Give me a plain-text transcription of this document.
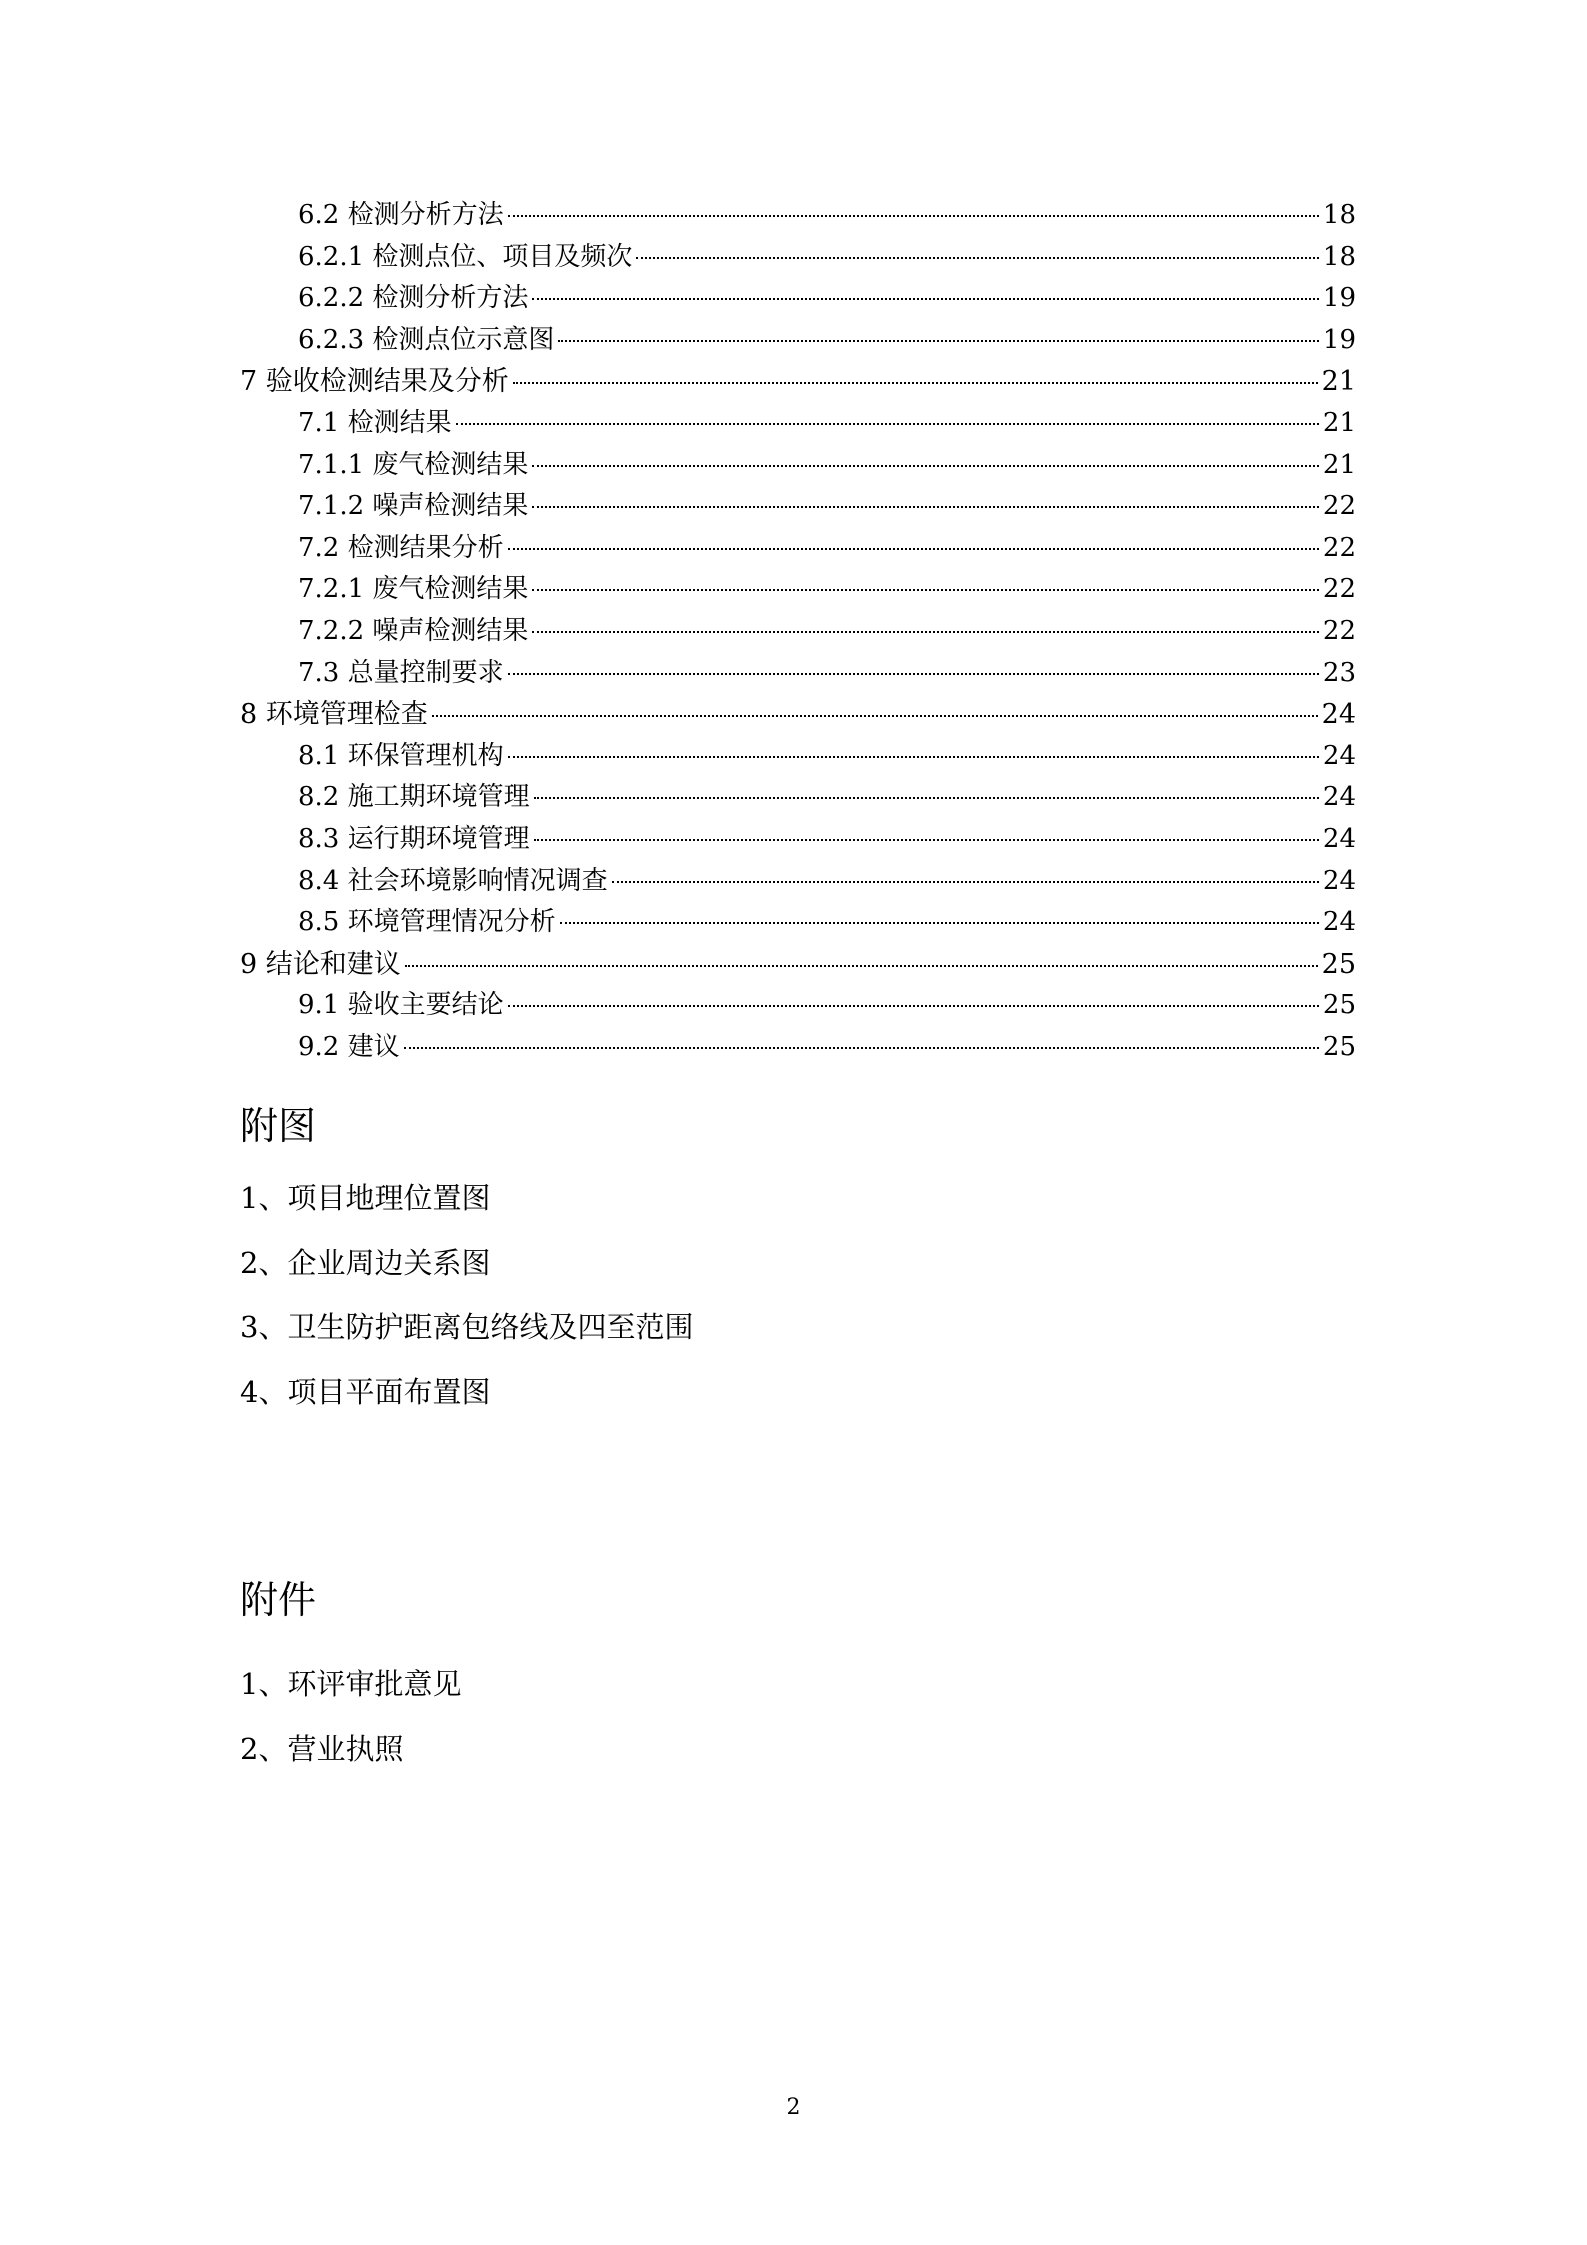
6.2 检测分析方法	18
6.2.1 检测点位、项目及频次	18
6.2.2 检测分析方法	19
6.2.3 检测点位示意图	19
7 验收检测结果及分析	21
7.1 检测结果	21
7.1.1 废气检测结果	21
7.1.2 噪声检测结果	22
7.2 检测结果分析	22
7.2.1 废气检测结果	22
7.2.2 噪声检测结果	22
7.3 总量控制要求	23
8 环境管理检查	24
8.1 环保管理机构	24
8.2 施工期环境管理	24
8.3 运行期环境管理	24
8.4 社会环境影响情况调查	24
8.5 环境管理情况分析	24
9 结论和建议	25
9.1 验收主要结论	25
9.2 建议	25
附图
1、项目地理位置图
2、企业周边关系图
3、卫生防护距离包络线及四至范围
4、项目平面布置图
附件
1、环评审批意见
2、营业执照
2
